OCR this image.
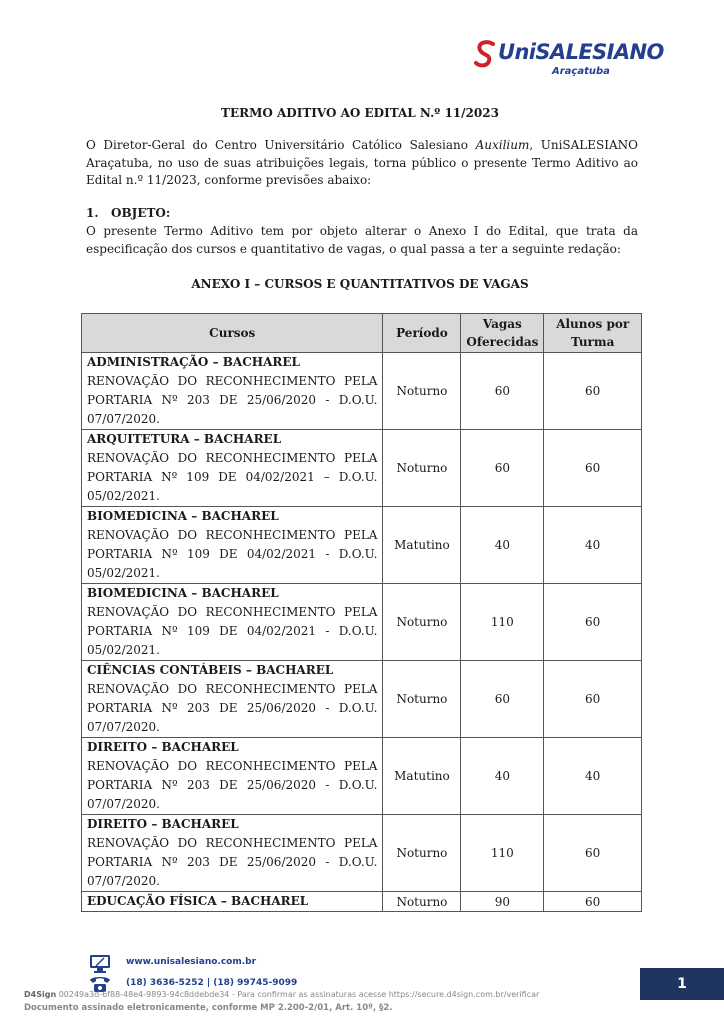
UniSALESIANO
Araçatuba

TERMO ADITIVO AO EDITAL N.º 11/2023

O Diretor-Geral do Centro Universitário Católico Salesiano Auxilium, UniSALESIANO Araçatuba, no uso de suas atribuições legais, torna público o presente Termo Aditivo ao Edital n.º 11/2023, conforme previsões abaixo:

1.   OBJETO:

O presente Termo Aditivo tem por objeto alterar o Anexo I do Edital, que trata da especificação dos cursos e quantitativo de vagas, o qual passa a ter a seguinte redação:

ANEXO I – CURSOS E QUANTITATIVOS DE VAGAS

Cursos	Período	Vagas Oferecidas	Alunos por Turma

ADMINISTRAÇÃO – BACHAREL
RENOVAÇÃO DO RECONHECIMENTO PELA PORTARIA Nº 203 DE 25/06/2020 - D.O.U. 07/07/2020.	Noturno	60	60

ARQUITETURA – BACHAREL
RENOVAÇÃO DO RECONHECIMENTO PELA PORTARIA Nº 109 DE 04/02/2021 – D.O.U. 05/02/2021.	Noturno	60	60

BIOMEDICINA – BACHAREL
RENOVAÇÃO DO RECONHECIMENTO PELA PORTARIA Nº 109 DE 04/02/2021 - D.O.U. 05/02/2021.	Matutino	40	40

BIOMEDICINA – BACHAREL
RENOVAÇÃO DO RECONHECIMENTO PELA PORTARIA Nº 109 DE 04/02/2021 - D.O.U. 05/02/2021.	Noturno	110	60

CIÊNCIAS CONTÁBEIS – BACHAREL
RENOVAÇÃO DO RECONHECIMENTO PELA PORTARIA Nº 203 DE 25/06/2020 - D.O.U. 07/07/2020.	Noturno	60	60

DIREITO – BACHAREL
RENOVAÇÃO DO RECONHECIMENTO PELA PORTARIA Nº 203 DE 25/06/2020 - D.O.U. 07/07/2020.	Matutino	40	40

DIREITO – BACHAREL
RENOVAÇÃO DO RECONHECIMENTO PELA PORTARIA Nº 203 DE 25/06/2020 - D.O.U. 07/07/2020.	Noturno	110	60

EDUCAÇÃO FÍSICA – BACHAREL	Noturno	90	60
www.unisalesiano.com.br
(18) 3636-5252 | (18) 99745-9099

D4Sign 00249a3d-6f88-48e4-9893-94c8ddebde34 - Para confirmar as assinaturas acesse https://secure.d4sign.com.br/verificar

Documento assinado eletronicamente, conforme MP 2.200-2/01, Art. 10º, §2.

1
